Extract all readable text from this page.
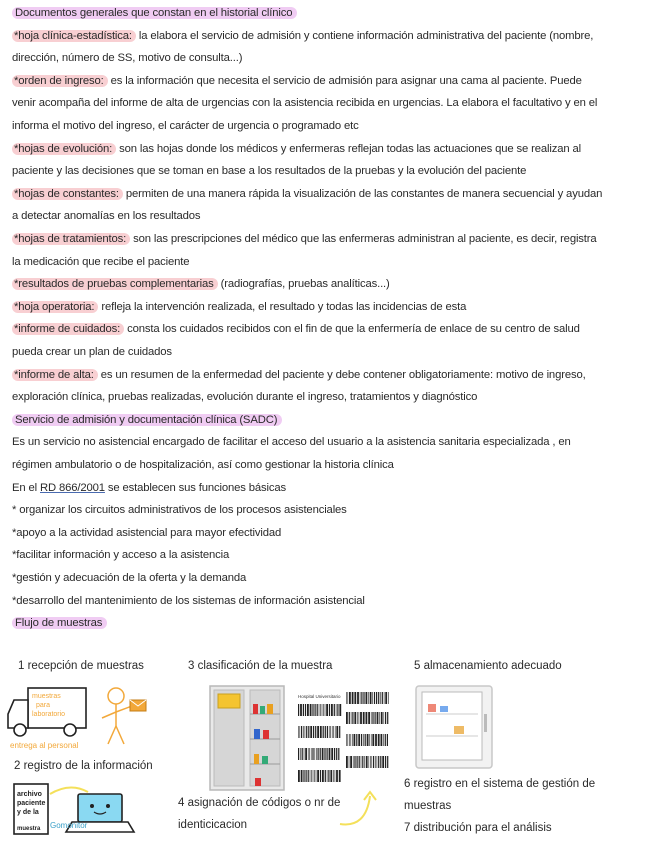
Documentos generales que constan en el historial clínico
*hoja clínica-estadística: la elabora el servicio de admisión y contiene información administrativa del paciente (nombre,
dirección, número de SS, motivo de consulta...)
*orden de ingreso: es la información que necesita el servicio de admisión para asignar una cama al paciente. Puede
venir acompaña del informe de alta de urgencias con la asistencia recibida en urgencias. La elabora el facultativo y en el
informa el motivo del ingreso, el carácter de urgencia o programado etc
*hojas de evolución: son las hojas donde los médicos y enfermeras reflejan todas las actuaciones que se realizan al
paciente y las decisiones que se toman en base a los resultados de la pruebas y la evolución del paciente
*hojas de constantes: permiten de una manera rápida la visualización de las constantes de manera secuencial y ayudan
a detectar anomalías en los resultados
*hojas de tratamientos: son las prescripciones del médico que las enfermeras administran al paciente, es decir, registra
la medicación que recibe el paciente
*resultados de pruebas complementarias (radiografías, pruebas analíticas...)
*hoja operatoria: refleja la intervención realizada, el resultado y todas las incidencias de esta
*informe de cuidados: consta los cuidados recibidos con el fin de que la enfermería de enlace de su centro de salud
pueda crear un plan de cuidados
*informe de alta: es un resumen de la enfermedad del paciente y debe contener obligatoriamente: motivo de ingreso,
exploración clínica, pruebas realizadas, evolución durante el ingreso, tratamientos y diagnóstico
Servicio de admisión y documentación clínica (SADC)
Es un servicio no asistencial encargado de facilitar el acceso del usuario a la asistencia sanitaria especializada , en
régimen ambulatorio o de hospitalización, así como gestionar la historia clínica
En el RD 866/2001 se establecen sus funciones básicas
* organizar los circuitos administrativos de los procesos asistenciales
*apoyo a la actividad asistencial para mayor efectividad
*facilitar información y acceso a la asistencia
*gestión y adecuación de la oferta y la demanda
*desarrollo del mantenimiento de los sistemas de información asistencial
Flujo de muestras
1 recepción de muestras
2 registro de la información
3 clasificación de la muestra
4 asignación de códigos o nr de
identicicacion
5 almacenamiento adecuado
6 registro en el sistema de gestión de
muestras
7 distribución para el análisis
muestras
para
laboratorio
entrega al personal
archivo
paciente
y de la
muestra Gomonitor
Hospital Universitario
